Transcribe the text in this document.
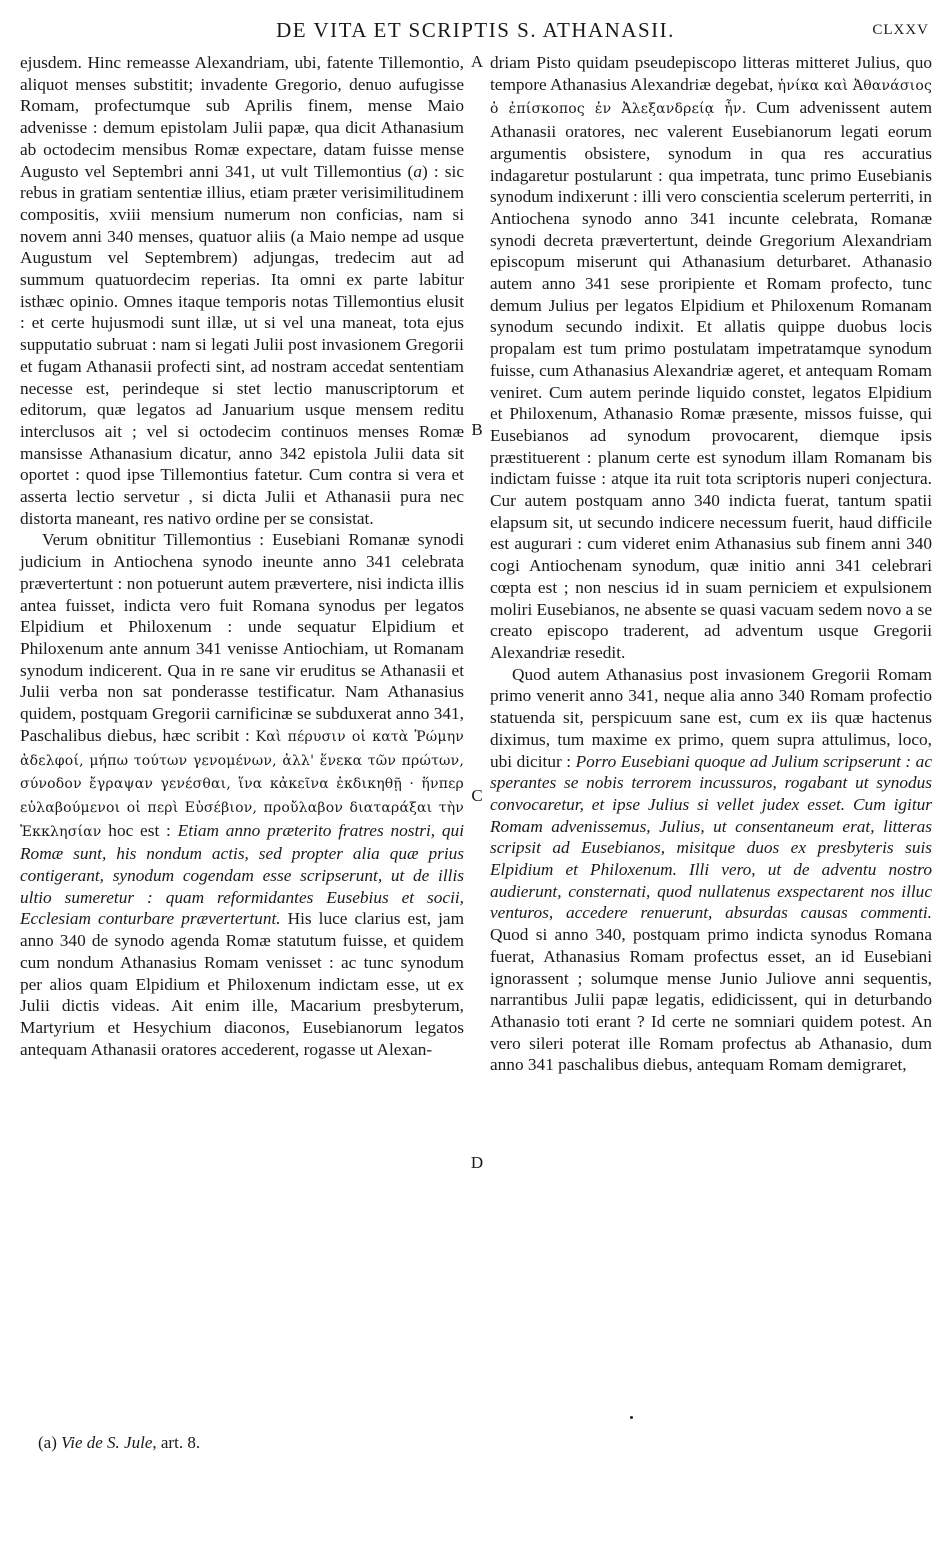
DE VITA ET SCRIPTIS S. ATHANASII.	CLXXV

ejusdem. Hinc remeasse Alexandriam, ubi, fatente Tillemontio, aliquot menses substitit; invadente Gregorio, denuo aufugisse Romam, profectumque sub Aprilis finem, mense Maio advenisse : demum epistolam Julii papæ, qua dicit Athanasium ab octodecim mensibus Romæ expectare, datam fuisse mense Augusto vel Septembri anni 341, ut vult Tillemontius (a) : sic rebus in gratiam sententiæ illius, etiam præter verisimilitudinem compositis, xviii mensium numerum non conficias, nam si novem anni 340 menses, quatuor aliis (a Maio nempe ad usque Augustum vel Septembrem) adjungas, tredecim aut ad summum quatuordecim reperias. Ita omni ex parte labitur isthæc opinio. Omnes itaque temporis notas Tillemontius elusit : et certe hujusmodi sunt illæ, ut si vel una maneat, tota ejus supputatio subruat : nam si legati Julii post invasionem Gregorii et fugam Athanasii profecti sint, ad nostram accedat sententiam necesse est, perindeque si stet lectio manuscriptorum et editorum, quæ legatos ad Januarium usque mensem reditu interclusos ait ; vel si octodecim continuos menses Romæ mansisse Athanasium dicatur, anno 342 epistola Julii data sit oportet : quod ipse Tillemontius fatetur. Cum contra si vera et asserta lectio servetur , si dicta Julii et Athanasii pura nec distorta maneant, res nativo ordine per se consistat.

Verum obnititur Tillemontius : Eusebiani Romanæ synodi judicium in Antiochena synodo ineunte anno 341 celebrata prævertertunt : non potuerunt autem prævertere, nisi indicta illis antea fuisset, indicta vero fuit Romana synodus per legatos Elpidium et Philoxenum : unde sequatur Elpidium et Philoxenum ante annum 341 venisse Antiochiam, ut Romanam synodum indicerent. Qua in re sane vir eruditus se Athanasii et Julii verba non sat ponderasse testificatur. Nam Athanasius quidem, postquam Gregorii carnificinæ se subduxerat anno 341, Paschalibus diebus, hæc scribit : Καὶ πέρυσιν οἱ κατὰ Ῥώμην ἀδελφοί, μήπω τούτων γενομένων, ἀλλ' ἕνεκα τῶν πρώτων, σύνοδον ἔγραψαν γενέσθαι, ἵνα κἀκεῖνα ἐκδικηθῇ · ἥνπερ εὐλαβούμενοι οἱ περὶ Εὐσέβιον, προὔλαβον διαταράξαι τὴν Ἐκκλησίαν hoc est : Etiam anno præterito fratres nostri, qui Romæ sunt, his nondum actis, sed propter alia quæ prius contigerant, synodum cogendam esse scripserunt, ut de illis ultio sumeretur : quam reformidantes Eusebius et socii, Ecclesiam conturbare prævertertunt. His luce clarius est, jam anno 340 de synodo agenda Romæ statutum fuisse, et quidem cum nondum Athanasius Romam venisset : ac tunc synodum per alios quam Elpidium et Philoxenum indictam esse, ut ex Julii dictis videas. Ait enim ille, Macarium presbyterum, Martyrium et Hesychium diaconos, Eusebianorum legatos antequam Athanasii oratores accederent, rogasse ut Alexan-

A
B
C
D

driam Pisto quidam pseudepiscopo litteras mitteret Julius, quo tempore Athanasius Alexandriæ degebat, ἡνίκα καὶ Ἀθανάσιος ὁ ἐπίσκοπος ἐν Ἀλεξανδρείᾳ ἦν. Cum advenissent autem Athanasii oratores, nec valerent Eusebianorum legati eorum argumentis obsistere, synodum in qua res accuratius indagaretur postularunt : qua impetrata, tunc primo Eusebianis synodum indixerunt : illi vero conscientia scelerum perterriti, in Antiochena synodo anno 341 incunte celebrata, Romanæ synodi decreta prævertertunt, deinde Gregorium Alexandriam episcopum miserunt qui Athanasium deturbaret. Athanasio autem anno 341 sese proripiente et Romam profecto, tunc demum Julius per legatos Elpidium et Philoxenum Romanam synodum secundo indixit. Et allatis quippe duobus locis propalam est tum primo postulatam impetratamque synodum fuisse, cum Athanasius Alexandriæ ageret, et antequam Romam veniret. Cum autem perinde liquido constet, legatos Elpidium et Philoxenum, Athanasio Romæ præsente, missos fuisse, qui Eusebianos ad synodum provocarent, diemque ipsis præstituerent : planum certe est synodum illam Romanam bis indictam fuisse : atque ita ruit tota scriptoris nuperi conjectura. Cur autem postquam anno 340 indicta fuerat, tantum spatii elapsum sit, ut secundo indicere necessum fuerit, haud difficile est augurari : cum videret enim Athanasius sub finem anni 340 cogi Antiochenam synodum, quæ initio anni 341 celebrari cœpta est ; non nescius id in suam perniciem et expulsionem moliri Eusebianos, ne absente se quasi vacuam sedem novo a se creato episcopo traderent, ad adventum usque Gregorii Alexandriæ resedit.

Quod autem Athanasius post invasionem Gregorii Romam primo venerit anno 341, neque alia anno 340 Romam profectio statuenda sit, perspicuum sane est, cum ex iis quæ hactenus diximus, tum maxime ex primo, quem supra attulimus, loco, ubi dicitur : Porro Eusebiani quoque ad Julium scripserunt : ac sperantes se nobis terrorem incussuros, rogabant ut synodus convocaretur, et ipse Julius si vellet judex esset. Cum igitur Romam advenissemus, Julius, ut consentaneum erat, litteras scripsit ad Eusebianos, misitque duos ex presbyteris suis Elpidium et Philoxenum. Illi vero, ut de adventu nostro audierunt, consternati, quod nullatenus exspectarent nos illuc venturos, accedere renuerunt, absurdas causas commenti. Quod si anno 340, postquam primo indicta synodus Romana fuerat, Athanasius Romam profectus esset, an id Eusebiani ignorassent ; solumque mense Junio Juliove anni sequentis, narrantibus Julii papæ legatis, edidicissent, qui in deturbando Athanasio toti erant ? Id certe ne somniari quidem potest. An vero sileri poterat ille Romam profectus ab Athanasio, dum anno 341 paschalibus diebus, antequam Romam demigraret,

(a) Vie de S. Jule, art. 8.
